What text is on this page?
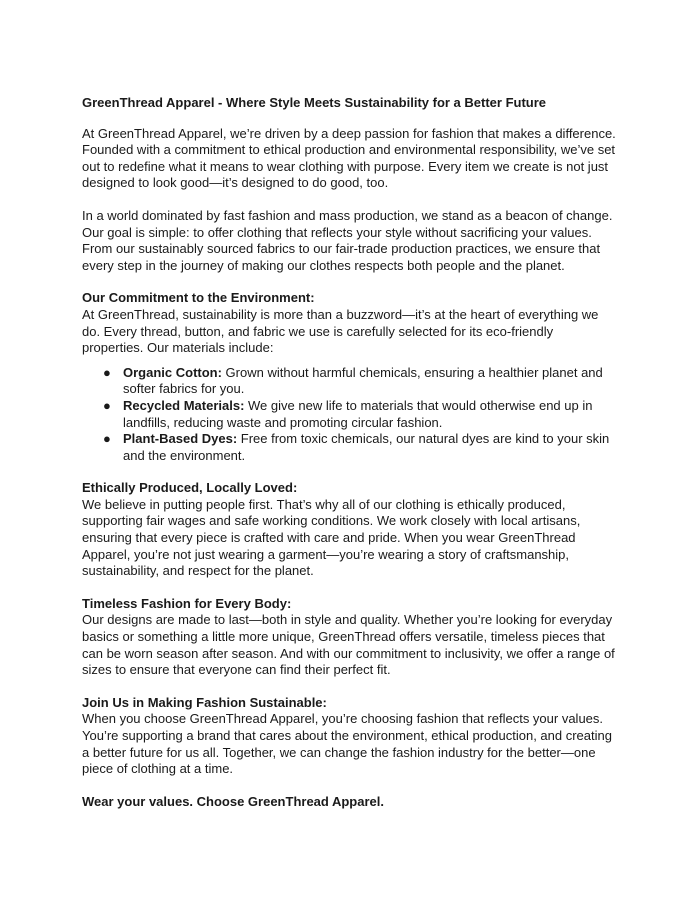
GreenThread Apparel - Where Style Meets Sustainability for a Better Future

At GreenThread Apparel, we’re driven by a deep passion for fashion that makes a difference. Founded with a commitment to ethical production and environmental responsibility, we’ve set out to redefine what it means to wear clothing with purpose. Every item we create is not just designed to look good—it’s designed to do good, too.

In a world dominated by fast fashion and mass production, we stand as a beacon of change. Our goal is simple: to offer clothing that reflects your style without sacrificing your values. From our sustainably sourced fabrics to our fair-trade production practices, we ensure that every step in the journey of making our clothes respects both people and the planet.

Our Commitment to the Environment:

At GreenThread, sustainability is more than a buzzword—it’s at the heart of everything we do. Every thread, button, and fabric we use is carefully selected for its eco-friendly properties. Our materials include:

● Organic Cotton: Grown without harmful chemicals, ensuring a healthier planet and softer fabrics for you.
● Recycled Materials: We give new life to materials that would otherwise end up in landfills, reducing waste and promoting circular fashion.
● Plant-Based Dyes: Free from toxic chemicals, our natural dyes are kind to your skin and the environment.

Ethically Produced, Locally Loved:

We believe in putting people first. That’s why all of our clothing is ethically produced, supporting fair wages and safe working conditions. We work closely with local artisans, ensuring that every piece is crafted with care and pride. When you wear GreenThread Apparel, you’re not just wearing a garment—you’re wearing a story of craftsmanship, sustainability, and respect for the planet.

Timeless Fashion for Every Body:

Our designs are made to last—both in style and quality. Whether you’re looking for everyday basics or something a little more unique, GreenThread offers versatile, timeless pieces that can be worn season after season. And with our commitment to inclusivity, we offer a range of sizes to ensure that everyone can find their perfect fit.

Join Us in Making Fashion Sustainable:

When you choose GreenThread Apparel, you’re choosing fashion that reflects your values. You’re supporting a brand that cares about the environment, ethical production, and creating a better future for us all. Together, we can change the fashion industry for the better—one piece of clothing at a time.

Wear your values. Choose GreenThread Apparel.
